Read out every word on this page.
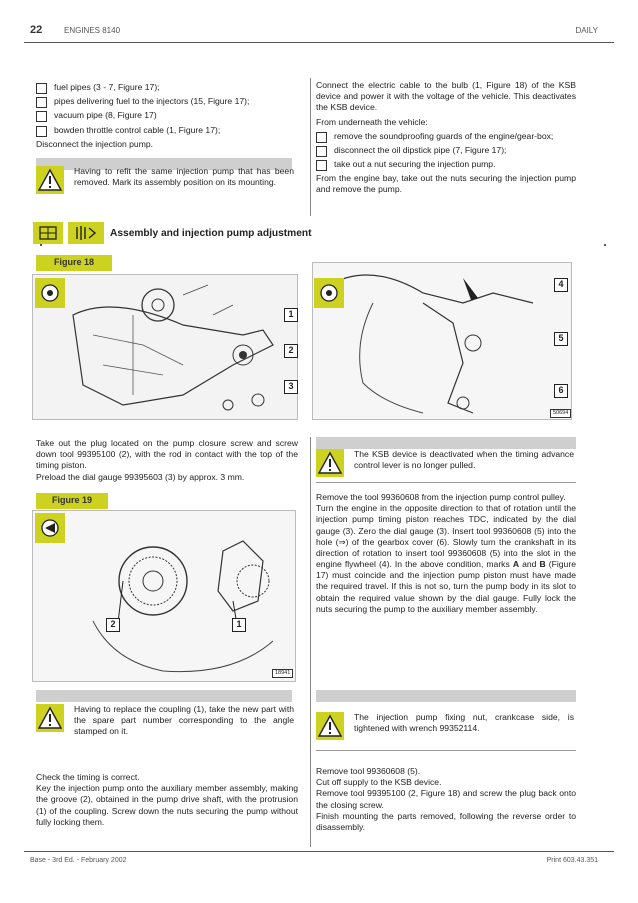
22	ENGINES 8140	DAILY
fuel pipes (3 - 7, Figure 17);
pipes delivering fuel to the injectors (15, Figure 17);
vacuum pipe (8, Figure 17)
bowden throttle control cable (1, Figure 17);

Disconnect the injection pump.

Having to refit the same injection pump that has been removed. Mark its assembly position on its mounting.

Connect the electric cable to the bulb (1, Figure 18) of the KSB device and power it with the voltage of the vehicle. This deactivates the KSB device.

From underneath the vehicle:

remove the soundproofing guards of the engine/gear-box;
disconnect the oil dipstick pipe (7, Figure 17);
take out a nut securing the injection pump.

From the engine bay, take out the nuts securing the injection pump and remove the pump.

Assembly and injection pump adjustment
Figure 18
1
2
3
4
5
6
50694

Take out the plug located on the pump closure screw and screw down tool 99395100 (2), with the rod in contact with the top of the timing piston.

Preload the dial gauge 99395603 (3) by approx. 3 mm.

Figure 19
2	1
18941
The KSB device is deactivated when the timing advance control lever is no longer pulled.

Remove the tool 99360608 from the injection pump control pulley.

Turn the engine in the opposite direction to that of rotation until the injection pump timing piston reaches TDC, indicated by the dial gauge (3). Zero the dial gauge (3). Insert tool 99360608 (5) into the hole (⇒) of the gearbox cover (6). Slowly turn the crankshaft in its direction of rotation to insert tool 99360608 (5) into the slot in the engine flywheel (4). In the above condition, marks A and B (Figure 17) must coincide and the injection pump piston must have made the required travel. If this is not so, turn the pump body in its slot to obtain the required value shown by the dial gauge. Fully lock the nuts securing the pump to the auxiliary member assembly.

Having to replace the coupling (1), take the new part with the spare part number corresponding to the angle stamped on it.
Check the timing is correct.
Key the injection pump onto the auxiliary member assembly, making the groove (2), obtained in the pump drive shaft, with the protrusion (1) of the coupling. Screw down the nuts securing the pump without fully locking them.
The injection pump fixing nut, crankcase side, is tightened with wrench 99352114.
Remove tool 99360608 (5).
Cut off supply to the KSB device.
Remove tool 99395100 (2, Figure 18) and screw the plug back onto the closing screw.
Finish mounting the parts removed, following the reverse order to disassembly.
Base - 3rd Ed. - February 2002	Print 603.43.351
